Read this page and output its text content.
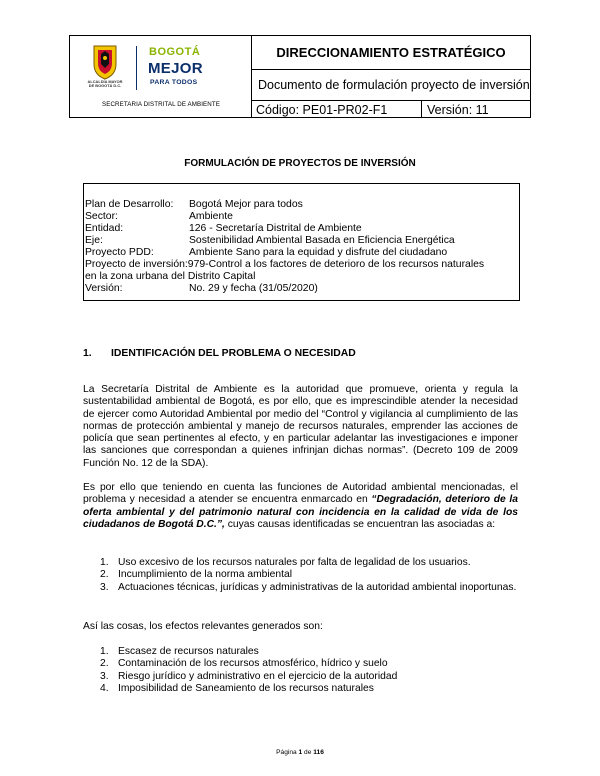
ALCALDÍA MAYOR
DE BOGOTÁ D.C.
BOGOTÁ
MEJOR
PARA TODOS
SECRETARIA DISTRITAL DE AMBIENTE
DIRECCIONAMIENTO ESTRATÉGICO
Documento de formulación proyecto de inversión
Código: PE01-PR02-F1	Versión: 11
FORMULACIÓN DE PROYECTOS DE INVERSIÓN
Plan de Desarrollo: Bogotá Mejor para todos
Sector:	Ambiente
Entidad:	126 - Secretaría Distrital de Ambiente
Eje:	Sostenibilidad Ambiental Basada en Eficiencia Energética
Proyecto PDD:	Ambiente Sano para la equidad y disfrute del ciudadano
Proyecto de inversión:979-Control a los factores de deterioro de los recursos naturales
en la zona urbana del Distrito Capital
Versión:	No. 29 y fecha (31/05/2020)
1. IDENTIFICACIÓN DEL PROBLEMA O NECESIDAD
La Secretaría Distrital de Ambiente es la autoridad que promueve, orienta y regula la sustentabilidad ambiental de Bogotá, es por ello, que es imprescindible atender la necesidad de ejercer como Autoridad Ambiental por medio del “Control y vigilancia al cumplimiento de las normas de protección ambiental y manejo de recursos naturales, emprender las acciones de policía que sean pertinentes al efecto, y en particular adelantar las investigaciones e imponer las sanciones que correspondan a quienes infrinjan dichas normas”. (Decreto 109 de 2009 Función No. 12 de la SDA).
Es por ello que teniendo en cuenta las funciones de Autoridad ambiental mencionadas, el problema y necesidad a atender se encuentra enmarcado en “Degradación, deterioro de la oferta ambiental y del patrimonio natural con incidencia en la calidad de vida de los ciudadanos de Bogotá D.C.”, cuyas causas identificadas se encuentran las asociadas a:
1. Uso excesivo de los recursos naturales por falta de legalidad de los usuarios.
2. Incumplimiento de la norma ambiental
3. Actuaciones técnicas, jurídicas y administrativas de la autoridad ambiental inoportunas.
Así las cosas, los efectos relevantes generados son:
1. Escasez de recursos naturales
2. Contaminación de los recursos atmosférico, hídrico y suelo
3. Riesgo jurídico y administrativo en el ejercicio de la autoridad
4. Imposibilidad de Saneamiento de los recursos naturales
Página 1 de 116
